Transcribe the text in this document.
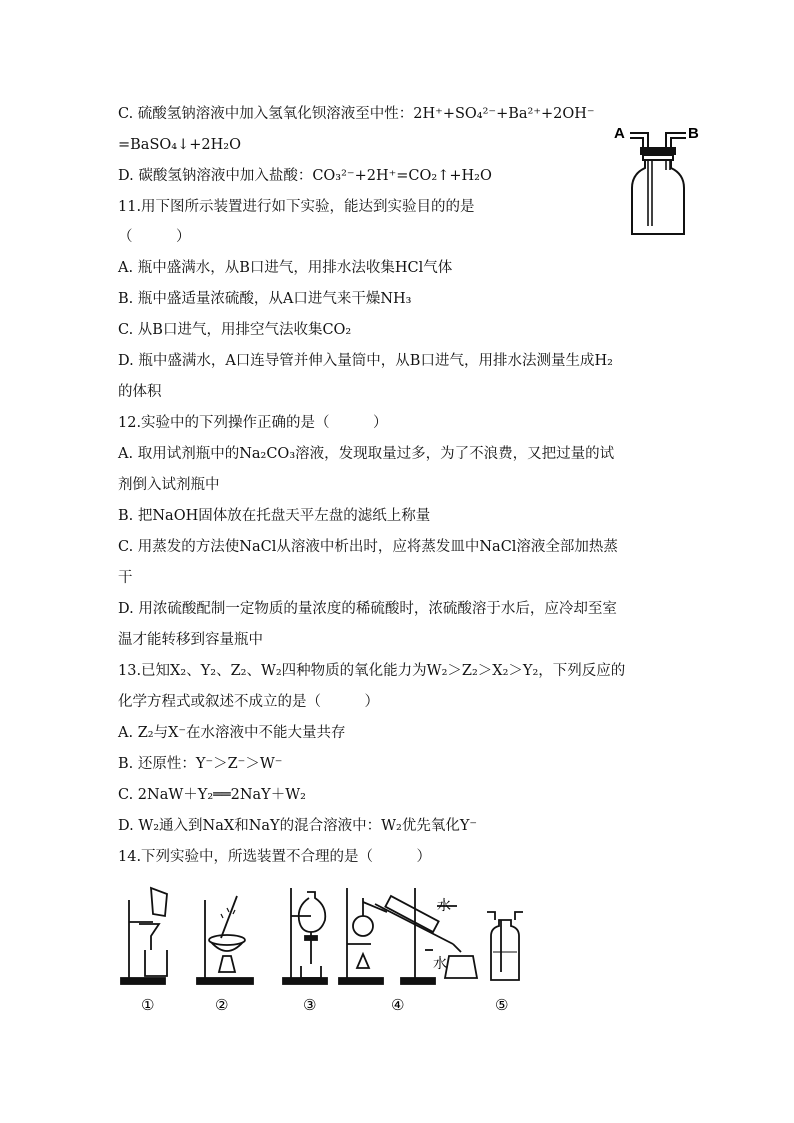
C. 硫酸氢钠溶液中加入氢氧化钡溶液至中性：2H⁺+SO₄²⁻+Ba²⁺+2OH⁻
=BaSO₄↓+2H₂O
D. 碳酸氢钠溶液中加入盐酸：CO₃²⁻+2H⁺=CO₂↑+H₂O
11.用下图所示装置进行如下实验，能达到实验目的的是
（　　　）
A. 瓶中盛满水，从B口进气，用排水法收集HCl气体
B. 瓶中盛适量浓硫酸，从A口进气来干燥NH₃
C. 从B口进气，用排空气法收集CO₂
D. 瓶中盛满水，A口连导管并伸入量筒中，从B口进气，用排水法测量生成H₂
的体积
12.实验中的下列操作正确的是（　　　）
A. 取用试剂瓶中的Na₂CO₃溶液，发现取量过多，为了不浪费，又把过量的试
剂倒入试剂瓶中
B. 把NaOH固体放在托盘天平左盘的滤纸上称量
C. 用蒸发的方法使NaCl从溶液中析出时，应将蒸发皿中NaCl溶液全部加热蒸
干
D. 用浓硫酸配制一定物质的量浓度的稀硫酸时，浓硫酸溶于水后，应冷却至室
温才能转移到容量瓶中
13.已知X₂、Y₂、Z₂、W₂四种物质的氧化能力为W₂＞Z₂＞X₂＞Y₂，下列反应的
化学方程式或叙述不成立的是（　　　）
A. Z₂与X⁻在水溶液中不能大量共存
B. 还原性：Y⁻＞Z⁻＞W⁻
C. 2NaW＋Y₂══2NaY＋W₂
D. W₂通入到NaX和NaY的混合溶液中：W₂优先氧化Y⁻
14.下列实验中，所选装置不合理的是（　　　）
A	B
水
水
①	②	③	④	⑤
